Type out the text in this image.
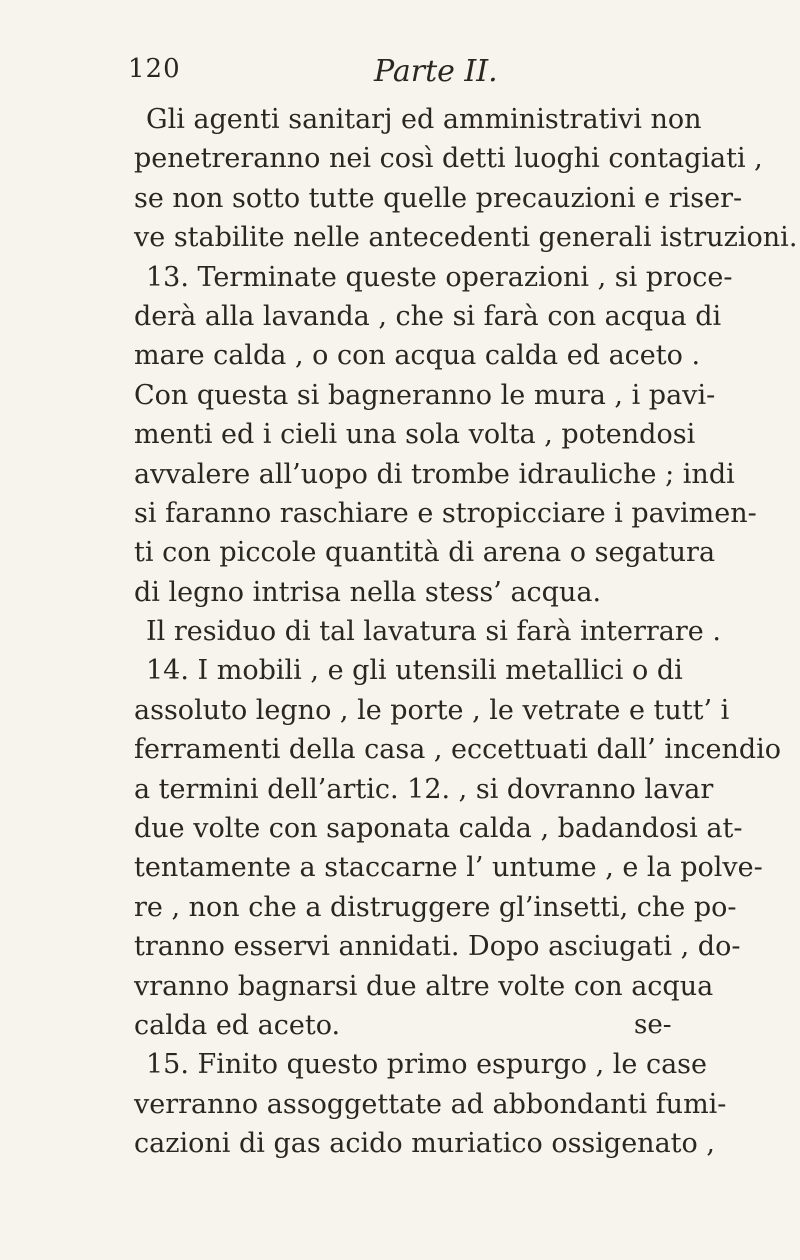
120	Parte II.
Gli agenti sanitarj ed amministrativi non
penetreranno nei così detti luoghi contagiati ,
se non sotto tutte quelle precauzioni e riser-
ve stabilite nelle antecedenti generali istruzioni.
13. Terminate queste operazioni , si proce-
derà alla lavanda , che si farà con acqua di
mare calda , o con acqua calda ed aceto .
Con questa si bagneranno le mura , i pavi-
menti ed i cieli una sola volta , potendosi
avvalere all’uopo di trombe idrauliche ; indi
si faranno raschiare e stropicciare i pavimen-
ti con piccole quantità di arena o segatura
di legno intrisa nella stess’ acqua.
Il residuo di tal lavatura si farà interrare .
14. I mobili , e gli utensili metallici o di
assoluto legno , le porte , le vetrate e tutt’ i
ferramenti della casa , eccettuati dall’ incendio
a termini dell’artic. 12. , si dovranno lavar
due volte con saponata calda , badandosi at-
tentamente a staccarne l’ untume , e la polve-
re , non che a distruggere gl’insetti, che po-
tranno esservi annidati. Dopo asciugati , do-
vranno bagnarsi due altre volte con acqua
calda ed aceto.
15. Finito questo primo espurgo , le case
verranno assoggettate ad abbondanti fumi-
cazioni di gas acido muriatico ossigenato ,
se-
